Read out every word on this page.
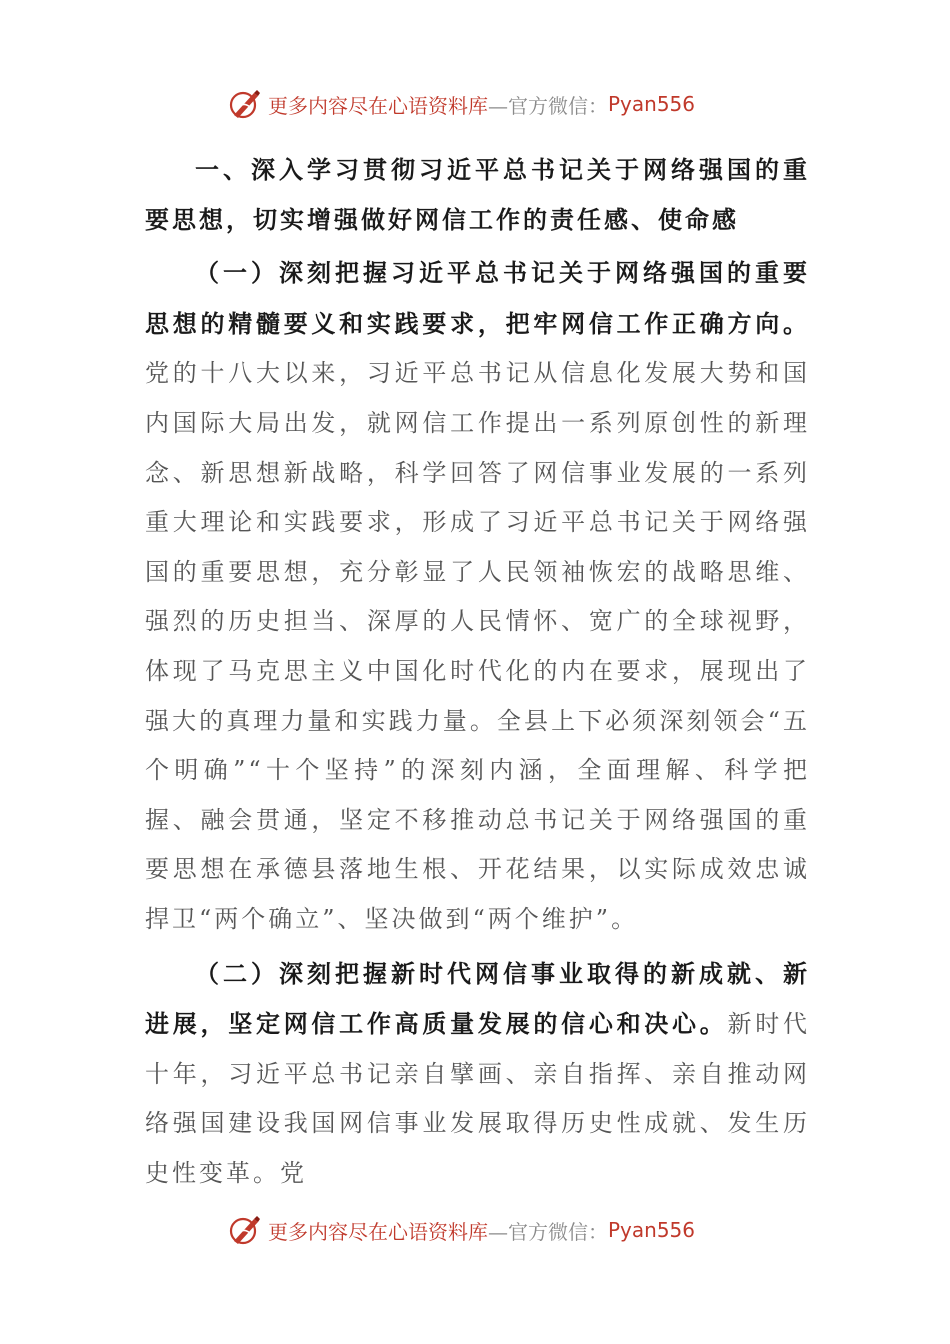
更多内容尽在心语资料库 —官方微信： Pyan556

一、深入学习贯彻习近平总书记关于网络强国的重要思想，切实增强做好网信工作的责任感、使命感

（一）深刻把握习近平总书记关于网络强国的重要思想的精髓要义和实践要求，把牢网信工作正确方向。党的十八大以来，习近平总书记从信息化发展大势和国内国际大局出发，就网信工作提出一系列原创性的新理念、新思想新战略，科学回答了网信事业发展的一系列重大理论和实践要求，形成了习近平总书记关于网络强国的重要思想，充分彰显了人民领袖恢宏的战略思维、强烈的历史担当、深厚的人民情怀、宽广的全球视野，体现了马克思主义中国化时代化的内在要求，展现出了强大的真理力量和实践力量。全县上下必须深刻领会“五个明确”“十个坚持”的深刻内涵，全面理解、科学把握、融会贯通，坚定不移推动总书记关于网络强国的重要思想在承德县落地生根、开花结果，以实际成效忠诚捍卫“两个确立”、坚决做到“两个维护”。

（二）深刻把握新时代网信事业取得的新成就、新进展，坚定网信工作高质量发展的信心和决心。新时代十年，习近平总书记亲自擘画、亲自指挥、亲自推动网络强国建设我国网信事业发展取得历史性成就、发生历史性变革。党

更多内容尽在心语资料库 —官方微信： Pyan556
